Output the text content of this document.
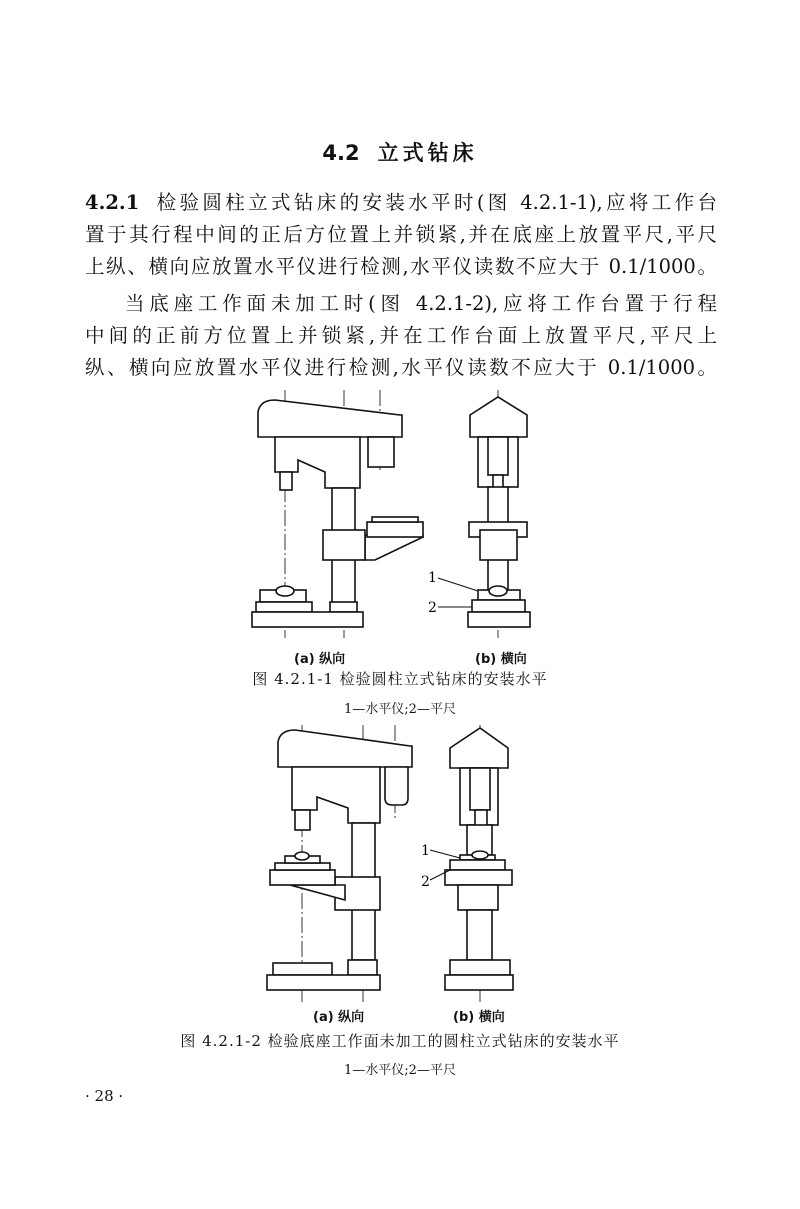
4.2 立式钻床
4.2.1 检验圆柱立式钻床的安装水平时(图 4.2.1-1),应将工作台
置于其行程中间的正后方位置上并锁紧,并在底座上放置平尺,平尺
上纵、横向应放置水平仪进行检测,水平仪读数不应大于 0.1/1000。
当底座工作面未加工时(图 4.2.1-2),应将工作台置于行程
中间的正前方位置上并锁紧,并在工作台面上放置平尺,平尺上
纵、横向应放置水平仪进行检测,水平仪读数不应大于 0.1/1000。
1
2
(a) 纵向	(b) 横向
图 4.2.1-1 检验圆柱立式钻床的安装水平
1—水平仪;2—平尺
1
2
(a) 纵向	(b) 横向
图 4.2.1-2 检验底座工作面未加工的圆柱立式钻床的安装水平
1—水平仪;2—平尺
· 28 ·
